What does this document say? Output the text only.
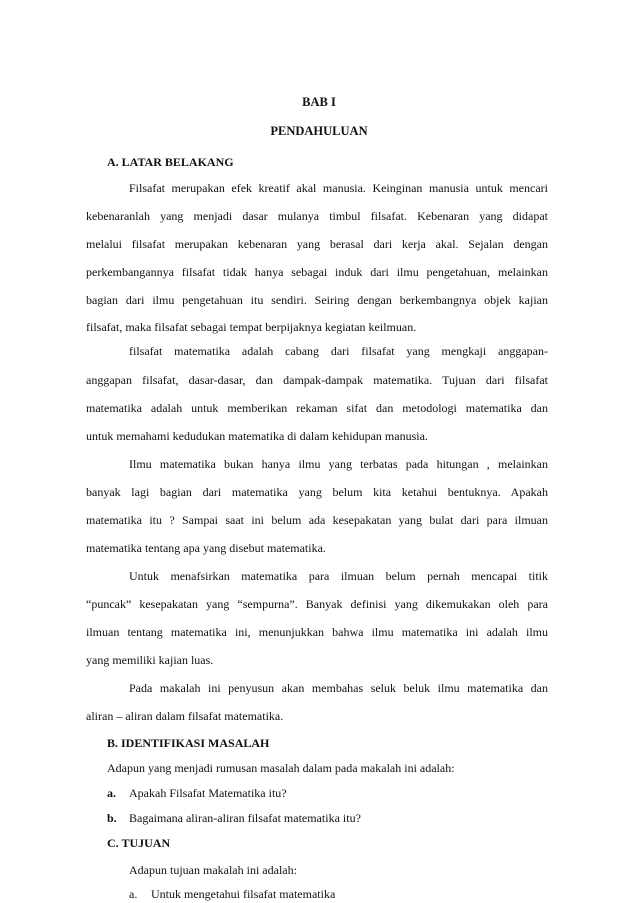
BAB I
PENDAHULUAN
A. LATAR BELAKANG
Filsafat merupakan efek kreatif akal manusia. Keinginan manusia untuk mencari
kebenaranlah yang menjadi dasar mulanya timbul filsafat. Kebenaran yang didapat
melalui filsafat merupakan kebenaran yang berasal dari kerja akal. Sejalan dengan
perkembangannya filsafat tidak hanya sebagai induk dari ilmu pengetahuan, melainkan
bagian dari ilmu pengetahuan itu sendiri. Seiring dengan berkembangnya objek kajian
filsafat, maka filsafat sebagai tempat berpijaknya kegiatan keilmuan.
filsafat matematika adalah cabang dari filsafat yang mengkaji anggapan-
anggapan filsafat, dasar-dasar, dan dampak-dampak matematika. Tujuan dari filsafat
matematika adalah untuk memberikan rekaman sifat dan metodologi matematika dan
untuk memahami kedudukan matematika di dalam kehidupan manusia.
Ilmu matematika bukan hanya ilmu yang terbatas pada hitungan , melainkan
banyak lagi bagian dari matematika yang belum kita ketahui bentuknya. Apakah
matematika itu ? Sampai saat ini belum ada kesepakatan yang bulat dari para ilmuan
matematika tentang apa yang disebut matematika.
Untuk menafsirkan matematika para ilmuan belum pernah mencapai titik
“puncak” kesepakatan yang “sempurna”. Banyak definisi yang dikemukakan oleh para
ilmuan tentang matematika ini, menunjukkan bahwa ilmu matematika ini adalah ilmu
yang memiliki kajian luas.
Pada makalah ini penyusun akan membahas seluk beluk ilmu matematika dan
aliran – aliran dalam filsafat matematika.
B. IDENTIFIKASI MASALAH
Adapun yang menjadi rumusan masalah dalam pada makalah ini adalah:
a. Apakah Filsafat Matematika itu?
b. Bagaimana aliran-aliran filsafat matematika itu?
C. TUJUAN
Adapun tujuan makalah ini adalah:
a. Untuk mengetahui filsafat matematika
